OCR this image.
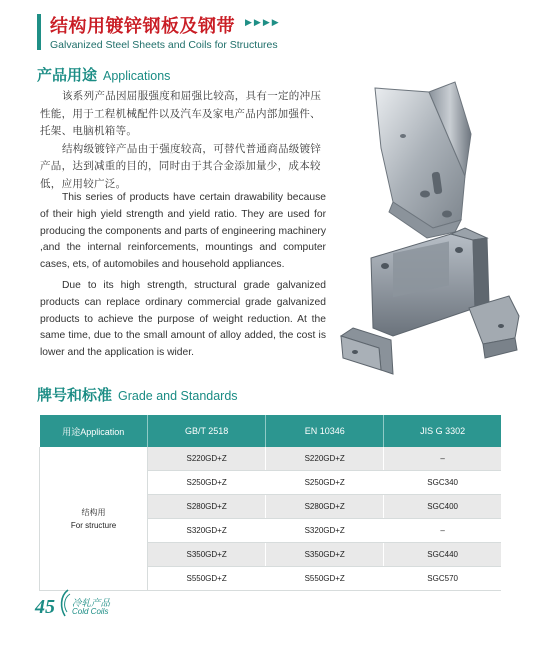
结构用镀锌钢板及钢带 ▶▶▶▶
Galvanized Steel Sheets and Coils for Structures
产品用途 Applications

该系列产品因屈服强度和屈强比较高，具有一定的冲压性能，用于工程机械配件以及汽车及家电产品内部加强件、托架、电脑机箱等。

结构级镀锌产品由于强度较高，可替代普通商品级镀锌产品，达到减重的目的，同时由于其合金添加量少，成本较低，应用较广泛。

This series of products have certain drawability because of their high yield strength and yield ratio. They are used for producing the components and parts of engineering machinery ,and the internal reinforcements, mountings and computer cases, ets, of automobiles and household appliances.

Due to its high strength, structural grade galvanized products can replace ordinary commercial grade galvanized products to achieve the purpose of weight reduction. At the same time, due to the small amount of alloy added, the cost is lower and the application is wider.

牌号和标准 Grade and Standards
用途Application	GB/T 2518	EN 10346	JIS G 3302

结构用
For structure	S220GD+Z	S220GD+Z	–
	S250GD+Z	S250GD+Z	SGC340
	S280GD+Z	S280GD+Z	SGC400
	S320GD+Z	S320GD+Z	–
	S350GD+Z	S350GD+Z	SGC440
	S550GD+Z	S550GD+Z	SGC570
45 冷轧产品
Cold Coils
